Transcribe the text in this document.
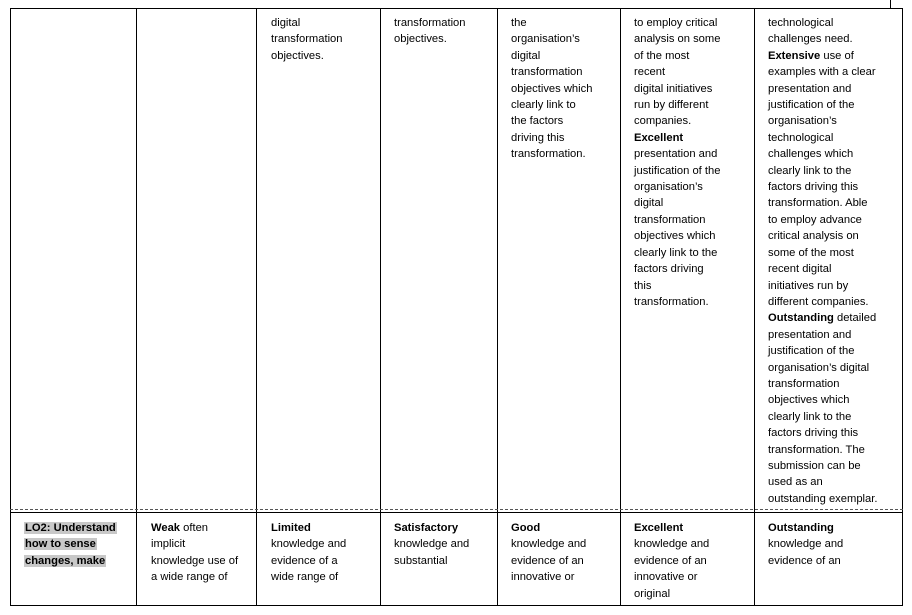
digital
transformation
objectives.
transformation
objectives.
the
organisation’s
digital
transformation
objectives which
clearly link to
the factors
driving this
transformation.
to employ critical
analysis on some
of the most
recent
digital initiatives
run by different
companies.
Excellent
presentation and
justification of the
organisation’s
digital
transformation
objectives which
clearly link to the
factors driving
this
transformation.
technological
challenges need.
Extensive use of
examples with a clear
presentation and
justification of the
organisation’s
technological
challenges which
clearly link to the
factors driving this
transformation. Able
to employ advance
critical analysis on
some of the most
recent digital
initiatives run by
different companies.
Outstanding detailed
presentation and
justification of the
organisation’s digital
transformation
objectives which
clearly link to the
factors driving this
transformation. The
submission can be
used as an
outstanding exemplar.
LO2: Understand
how to sense
changes, make
Weak often
implicit
knowledge use of
a wide range of
Limited
knowledge and
evidence of a
wide range of
Satisfactory
knowledge and
substantial
Good
knowledge and
evidence of an
innovative or
Excellent
knowledge and
evidence of an
innovative or
original
Outstanding
knowledge and
evidence of an
